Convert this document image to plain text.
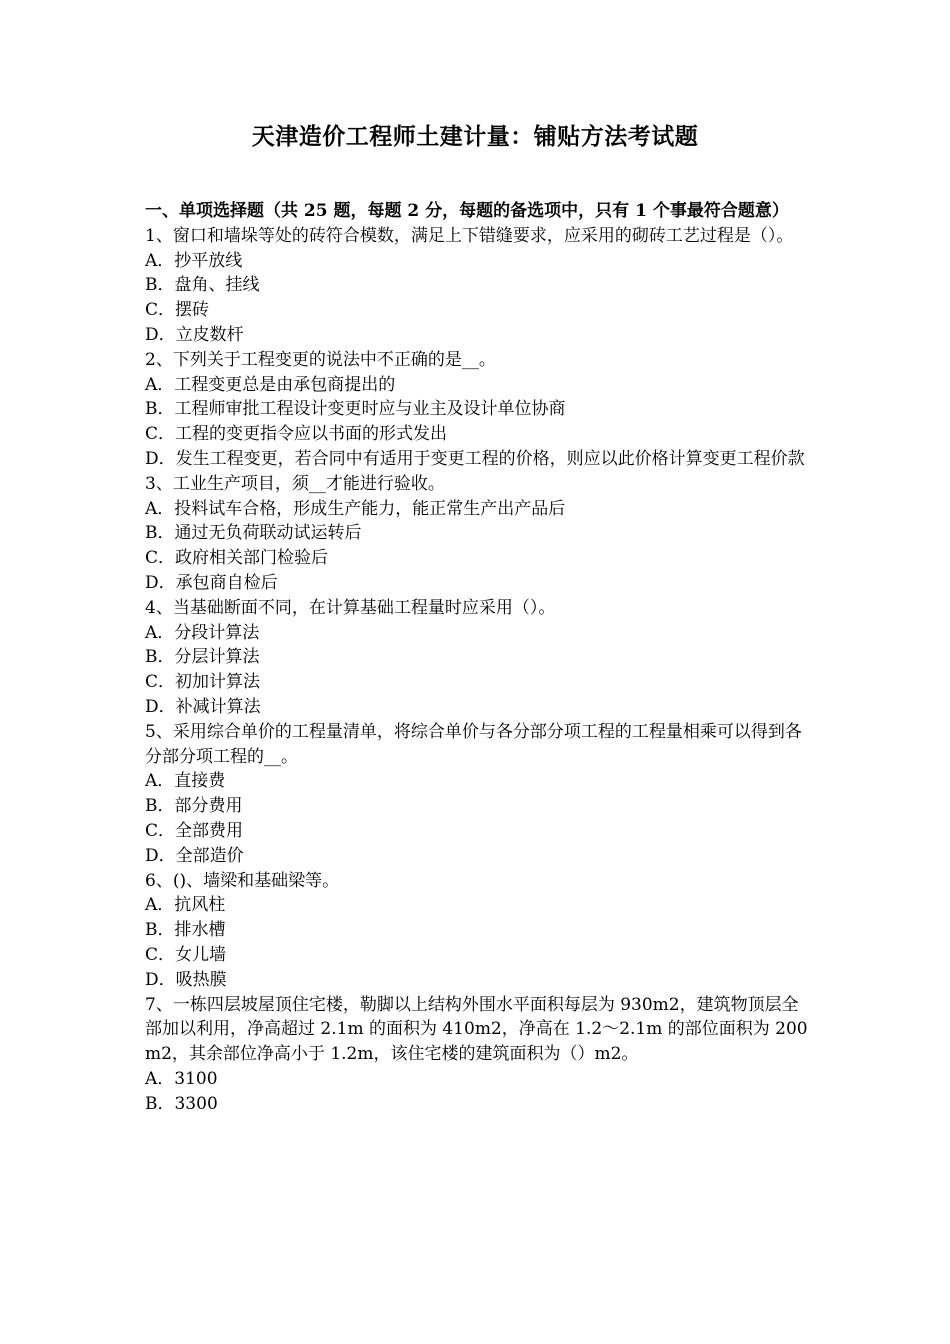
天津造价工程师土建计量：铺贴方法考试题

一、单项选择题（共 25 题，每题 2 分，每题的备选项中，只有 1 个事最符合题意）

1、窗口和墙垛等处的砖符合模数，满足上下错缝要求，应采用的砌砖工艺过程是（）。

A．抄平放线

B．盘角、挂线

C．摆砖

D．立皮数杆

2、下列关于工程变更的说法中不正确的是__。

A．工程变更总是由承包商提出的

B．工程师审批工程设计变更时应与业主及设计单位协商

C．工程的变更指令应以书面的形式发出

D．发生工程变更，若合同中有适用于变更工程的价格，则应以此价格计算变更工程价款

3、工业生产项目，须__才能进行验收。

A．投料试车合格，形成生产能力，能正常生产出产品后

B．通过无负荷联动试运转后

C．政府相关部门检验后

D．承包商自检后

4、当基础断面不同，在计算基础工程量时应采用（）。

A．分段计算法

B．分层计算法

C．初加计算法

D．补减计算法

5、采用综合单价的工程量清单，将综合单价与各分部分项工程的工程量相乘可以得到各分部分项工程的__。

A．直接费

B．部分费用

C．全部费用

D．全部造价

6、()、墙梁和基础梁等。

A．抗风柱

B．排水槽

C．女儿墙

D．吸热膜

7、一栋四层坡屋顶住宅楼，勒脚以上结构外围水平面积每层为 930m2，建筑物顶层全部加以利用，净高超过 2.1m 的面积为 410m2，净高在 1.2～2.1m 的部位面积为 200m2，其余部位净高小于 1.2m，该住宅楼的建筑面积为（）m2。

A．3100

B．3300
